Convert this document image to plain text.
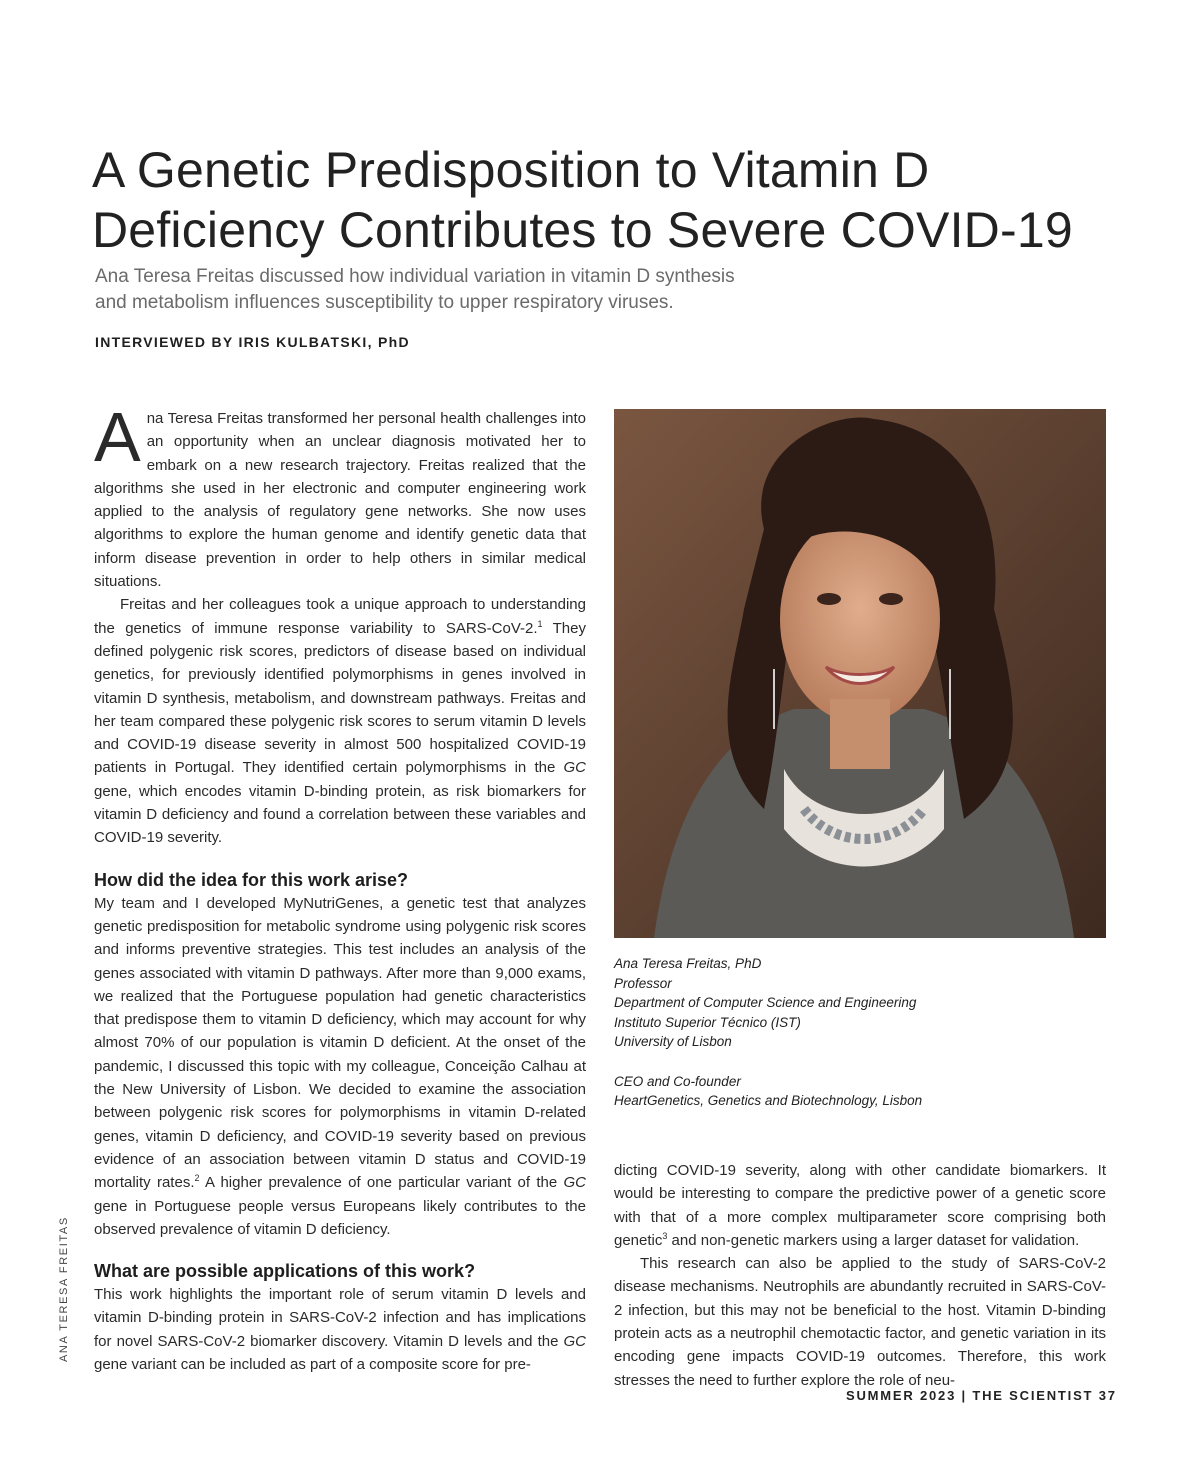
A Genetic Predisposition to Vitamin D
Deficiency Contributes to Severe COVID-19
Ana Teresa Freitas discussed how individual variation in vitamin D synthesis
and metabolism influences susceptibility to upper respiratory viruses.
INTERVIEWED BY IRIS KULBATSKI, PhD

Ana Teresa Freitas transformed her personal health challenges into an opportunity when an unclear diagnosis motivated her to embark on a new research trajectory. Freitas realized that the algorithms she used in her electronic and computer engineering work applied to the analysis of regulatory gene networks. She now uses algorithms to explore the human genome and identify genetic data that inform disease prevention in order to help others in similar medical situations.

Freitas and her colleagues took a unique approach to understanding the genetics of immune response variability to SARS-CoV-2.$^1$ They defined polygenic risk scores, predictors of disease based on individual genetics, for previously identified polymorphisms in genes involved in vitamin D synthesis, metabolism, and downstream pathways. Freitas and her team compared these polygenic risk scores to serum vitamin D levels and COVID-19 disease severity in almost 500 hospitalized COVID-19 patients in Portugal. They identified certain polymorphisms in the GC gene, which encodes vitamin D-binding protein, as risk biomarkers for vitamin D deficiency and found a correlation between these variables and COVID-19 severity.

How did the idea for this work arise?

My team and I developed MyNutriGenes, a genetic test that analyzes genetic predisposition for metabolic syndrome using polygenic risk scores and informs preventive strategies. This test includes an analysis of the genes associated with vitamin D pathways. After more than 9,000 exams, we realized that the Portuguese population had genetic characteristics that predispose them to vitamin D deficiency, which may account for why almost 70% of our population is vitamin D deficient. At the onset of the pandemic, I discussed this topic with my colleague, Conceição Calhau at the New University of Lisbon. We decided to examine the association between polygenic risk scores for polymorphisms in vitamin D-related genes, vitamin D deficiency, and COVID-19 severity based on previous evidence of an association between vitamin D status and COVID-19 mortality rates.$^2$ A higher prevalence of one particular variant of the GC gene in Portuguese people versus Europeans likely contributes to the observed prevalence of vitamin D deficiency.

What are possible applications of this work?

This work highlights the important role of serum vitamin D levels and vitamin D-binding protein in SARS-CoV-2 infection and has implications for novel SARS-CoV-2 biomarker discovery. Vitamin D levels and the GC gene variant can be included as part of a composite score for pre-

Ana Teresa Freitas, PhD
Professor
Department of Computer Science and Engineering
Instituto Superior Técnico (IST)
University of Lisbon
CEO and Co-founder
HeartGenetics, Genetics and Biotechnology, Lisbon

dicting COVID-19 severity, along with other candidate biomarkers. It would be interesting to compare the predictive power of a genetic score with that of a more complex multiparameter score comprising both genetic$^3$ and non-genetic markers using a larger dataset for validation.

This research can also be applied to the study of SARS-CoV-2 disease mechanisms. Neutrophils are abundantly recruited in SARS-CoV-2 infection, but this may not be beneficial to the host. Vitamin D-binding protein acts as a neutrophil chemotactic factor, and genetic variation in its encoding gene impacts COVID-19 outcomes. Therefore, this work stresses the need to further explore the role of neu-

ANA TERESA FREITAS
SUMMER 2023 | THE SCIENTIST 37
